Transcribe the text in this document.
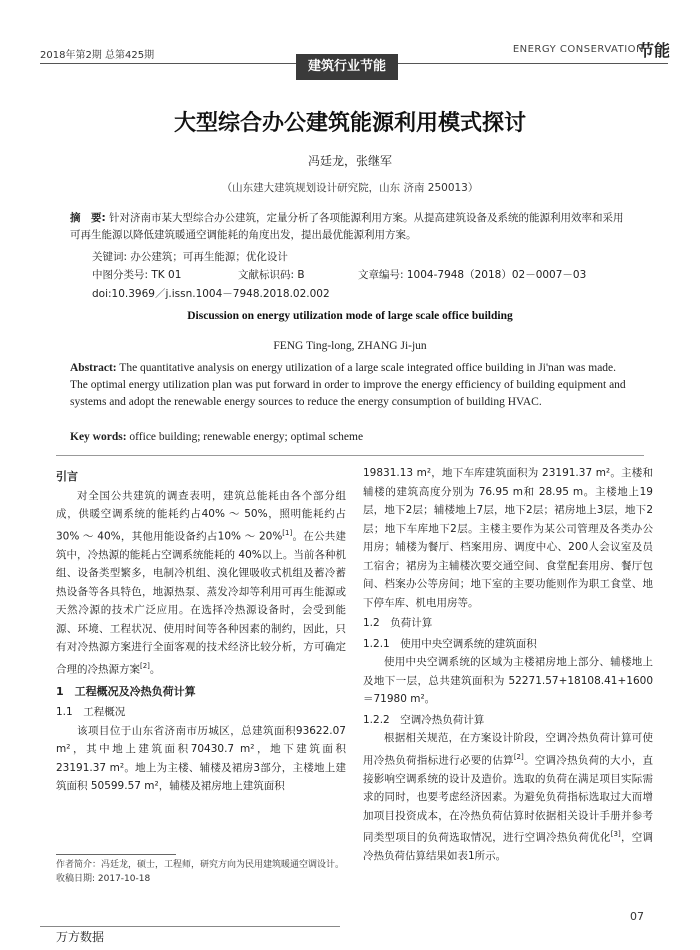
2018年第2期 总第425期
ENERGY CONSERVATION
节能
建筑行业节能
大型综合办公建筑能源利用模式探讨
冯廷龙，张继军
（山东建大建筑规划设计研究院，山东 济南 250013）
摘　要: 针对济南市某大型综合办公建筑，定量分析了各项能源利用方案。从提高建筑设备及系统的能源利用效率和采用可再生能源以降低建筑暖通空调能耗的角度出发，提出最优能源利用方案。
关键词: 办公建筑；可再生能源；优化设计
中图分类号: TK 01	文献标识码: B	文章编号: 1004-7948（2018）02－0007－03
doi:10.3969／j.issn.1004－7948.2018.02.002
Discussion on energy utilization mode of large scale office building
FENG Ting-long, ZHANG Ji-jun
Abstract: The quantitative analysis on energy utilization of a large scale integrated office building in Ji'nan was made. The optimal energy utilization plan was put forward in order to improve the energy efficiency of building equipment and systems and adopt the renewable energy sources to reduce the energy consumption of building HVAC.
Key words: office building; renewable energy; optimal scheme
引言

对全国公共建筑的调查表明，建筑总能耗由各个部分组成，供暖空调系统的能耗约占40% ～ 50%，照明能耗约占30% ～ 40%，其他用能设备约占10% ～ 20%[1]。在公共建筑中，冷热源的能耗占空调系统能耗的 40%以上。当前各种机组、设备类型繁多，电制冷机组、溴化锂吸收式机组及蓄冷蓄热设备等各具特色，地源热泵、蒸发冷却等利用可再生能源或天然冷源的技术广泛应用。在选择冷热源设备时，会受到能源、环境、工程状况、使用时间等各种因素的制约，因此，只有对冷热源方案进行全面客观的技术经济比较分析，方可确定合理的冷热源方案[2]。

1　工程概况及冷热负荷计算
1.1　工程概况

该项目位于山东省济南市历城区，总建筑面积93622.07 m²，其中地上建筑面积70430.7 m²，地下建筑面积 23191.37 m²。地上为主楼、辅楼及裙房3部分，主楼地上建筑面积 50599.57 m²，辅楼及裙房地上建筑面积

19831.13 m²，地下车库建筑面积为 23191.37 m²。主楼和辅楼的建筑高度分别为 76.95 m和 28.95 m。主楼地上19层，地下2层；辅楼地上7层，地下2层；裙房地上3层，地下2层；地下车库地下2层。主楼主要作为某公司管理及各类办公用房；辅楼为餐厅、档案用房、调度中心、200人会议室及员工宿舍；裙房为主辅楼次要交通空间、食堂配套用房、餐厅包间、档案办公等房间；地下室的主要功能则作为职工食堂、地下停车库、机电用房等。

1.2　负荷计算
1.2.1　使用中央空调系统的建筑面积

使用中央空调系统的区域为主楼裙房地上部分、辅楼地上及地下一层，总共建筑面积为 52271.57+18108.41+1600＝71980 m²。

1.2.2　空调冷热负荷计算

根据相关规范，在方案设计阶段，空调冷热负荷计算可使用冷热负荷指标进行必要的估算[2]。空调冷热负荷的大小，直接影响空调系统的设计及造价。选取的负荷在满足项目实际需求的同时，也要考虑经济因素。为避免负荷指标选取过大而增加项目投资成本，在冷热负荷估算时依据相关设计手册并参考同类型项目的负荷选取情况，进行空调冷热负荷优化[3]，空调冷热负荷估算结果如表1所示。

作者简介：冯廷龙，硕士，工程师，研究方向为民用建筑暖通空调设计。
收稿日期: 2017-10-18
07
万方数据
